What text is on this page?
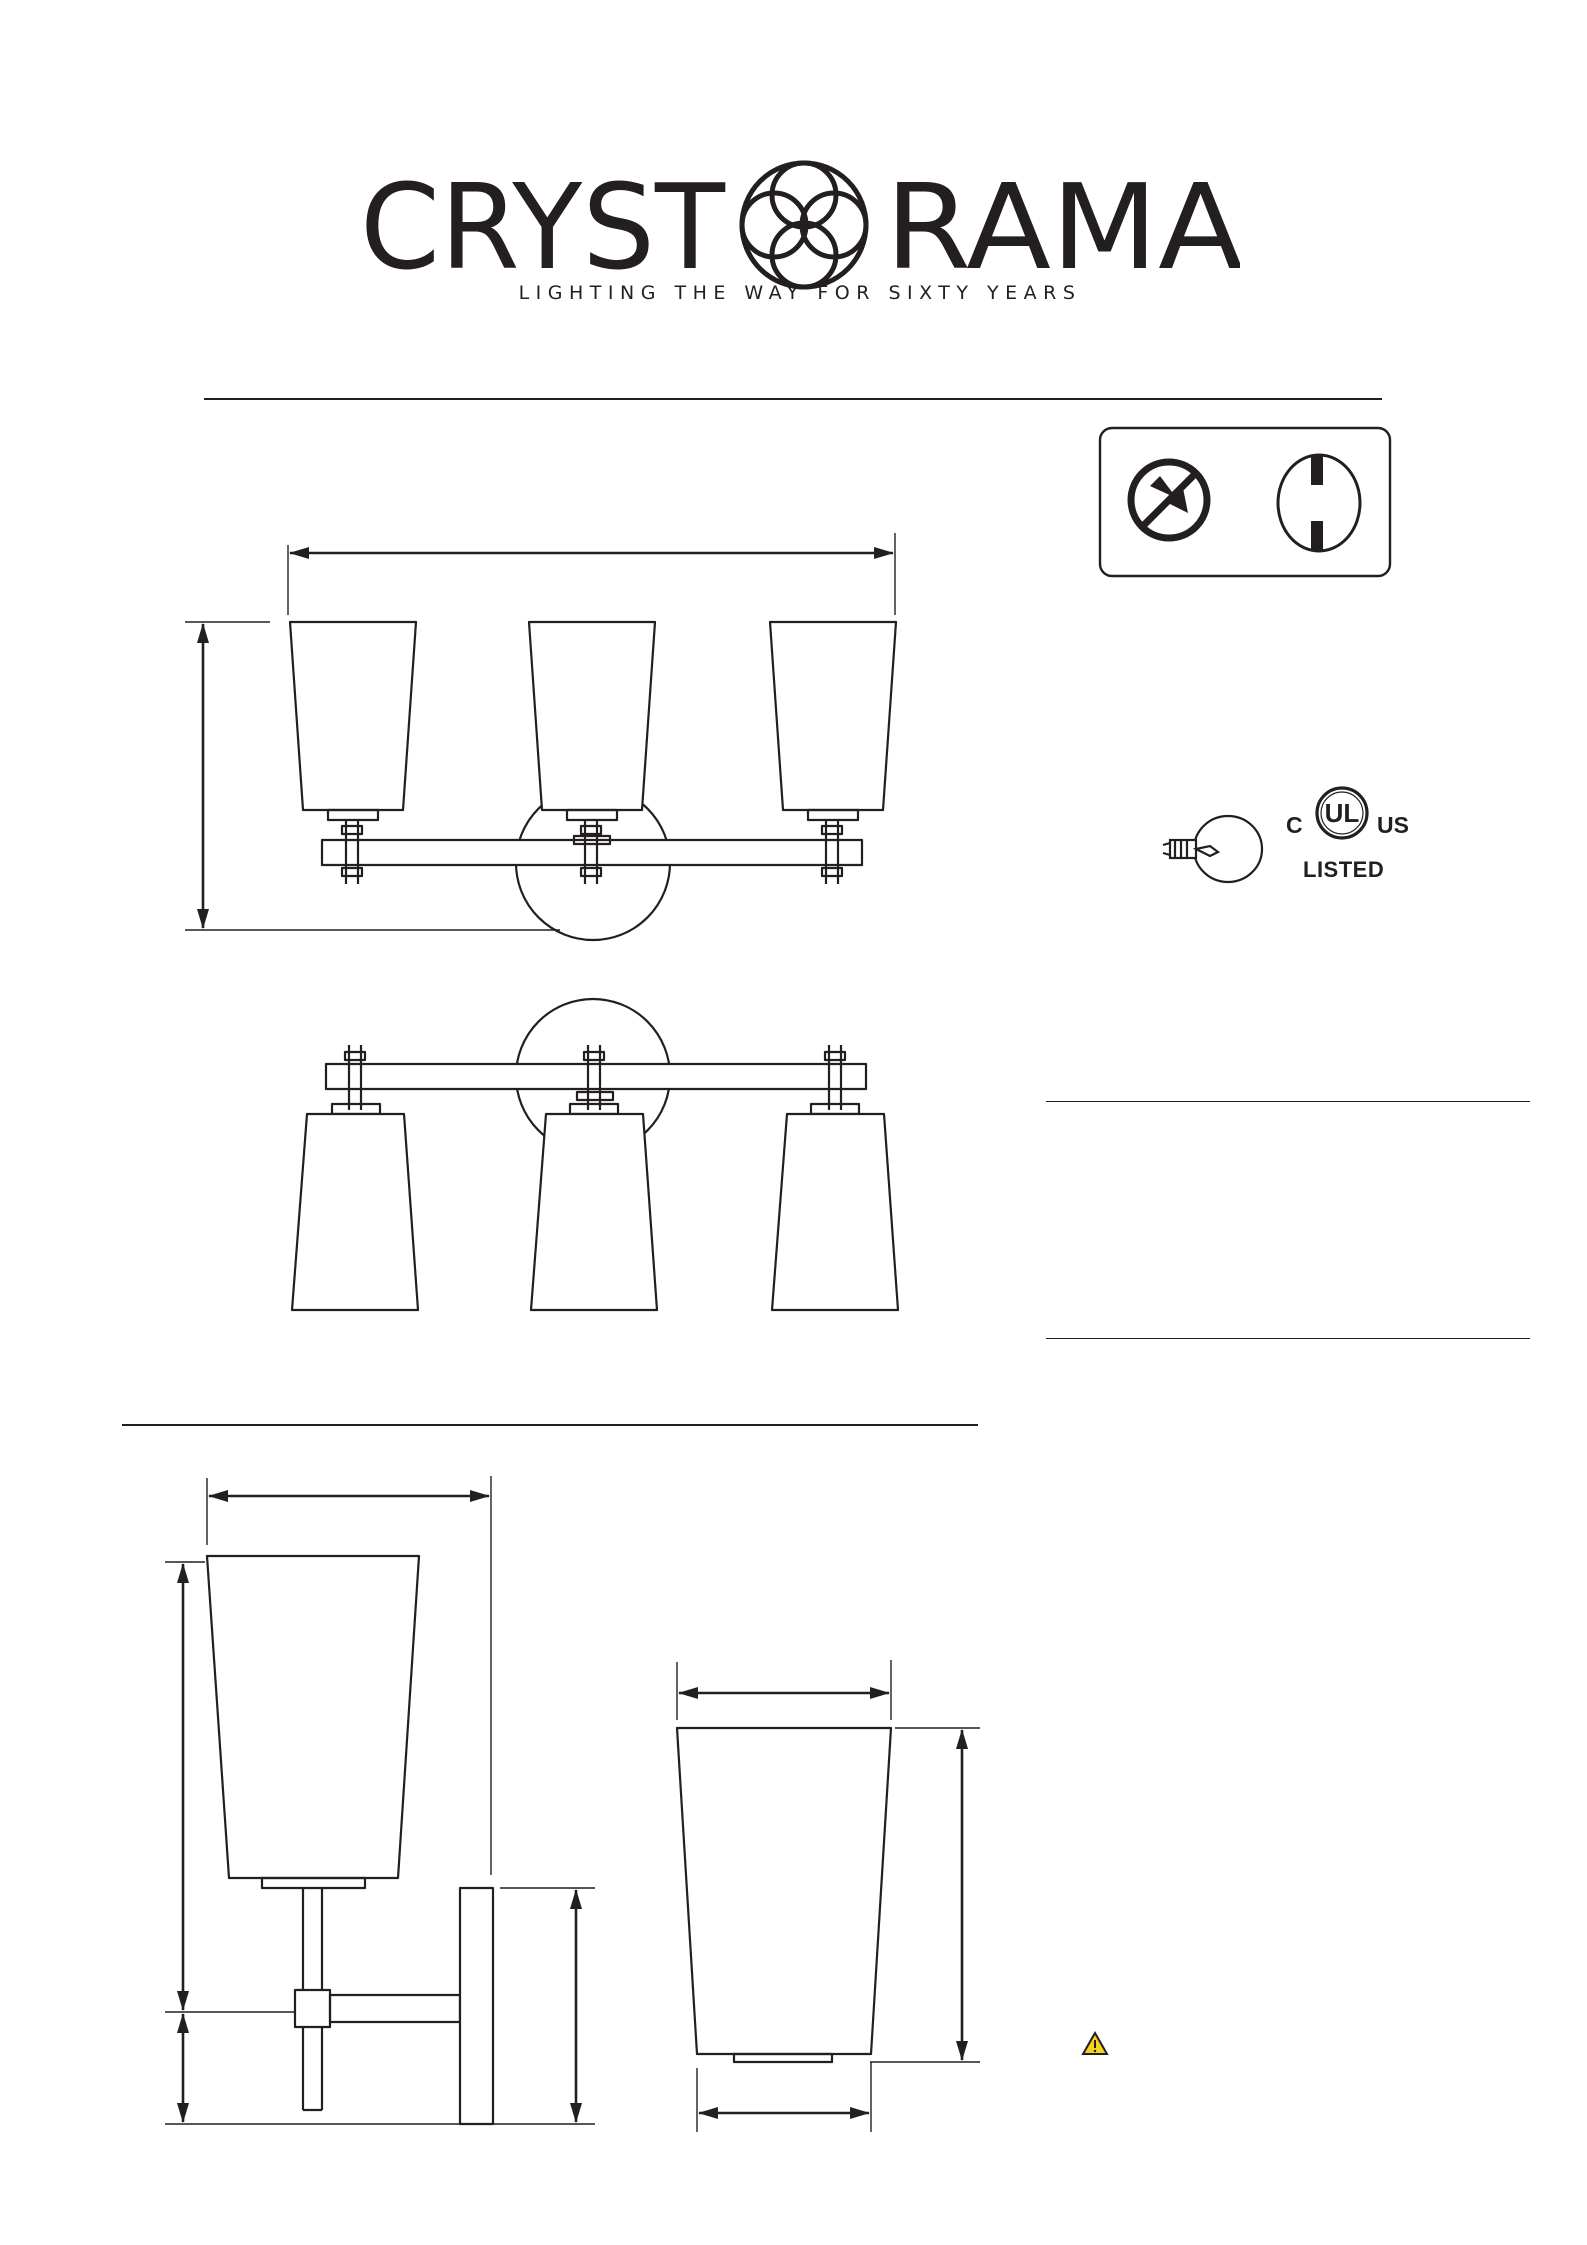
CRYST RAMA
LIGHTING THE WAY FOR SIXTY YEARS
C UL US
LISTED
